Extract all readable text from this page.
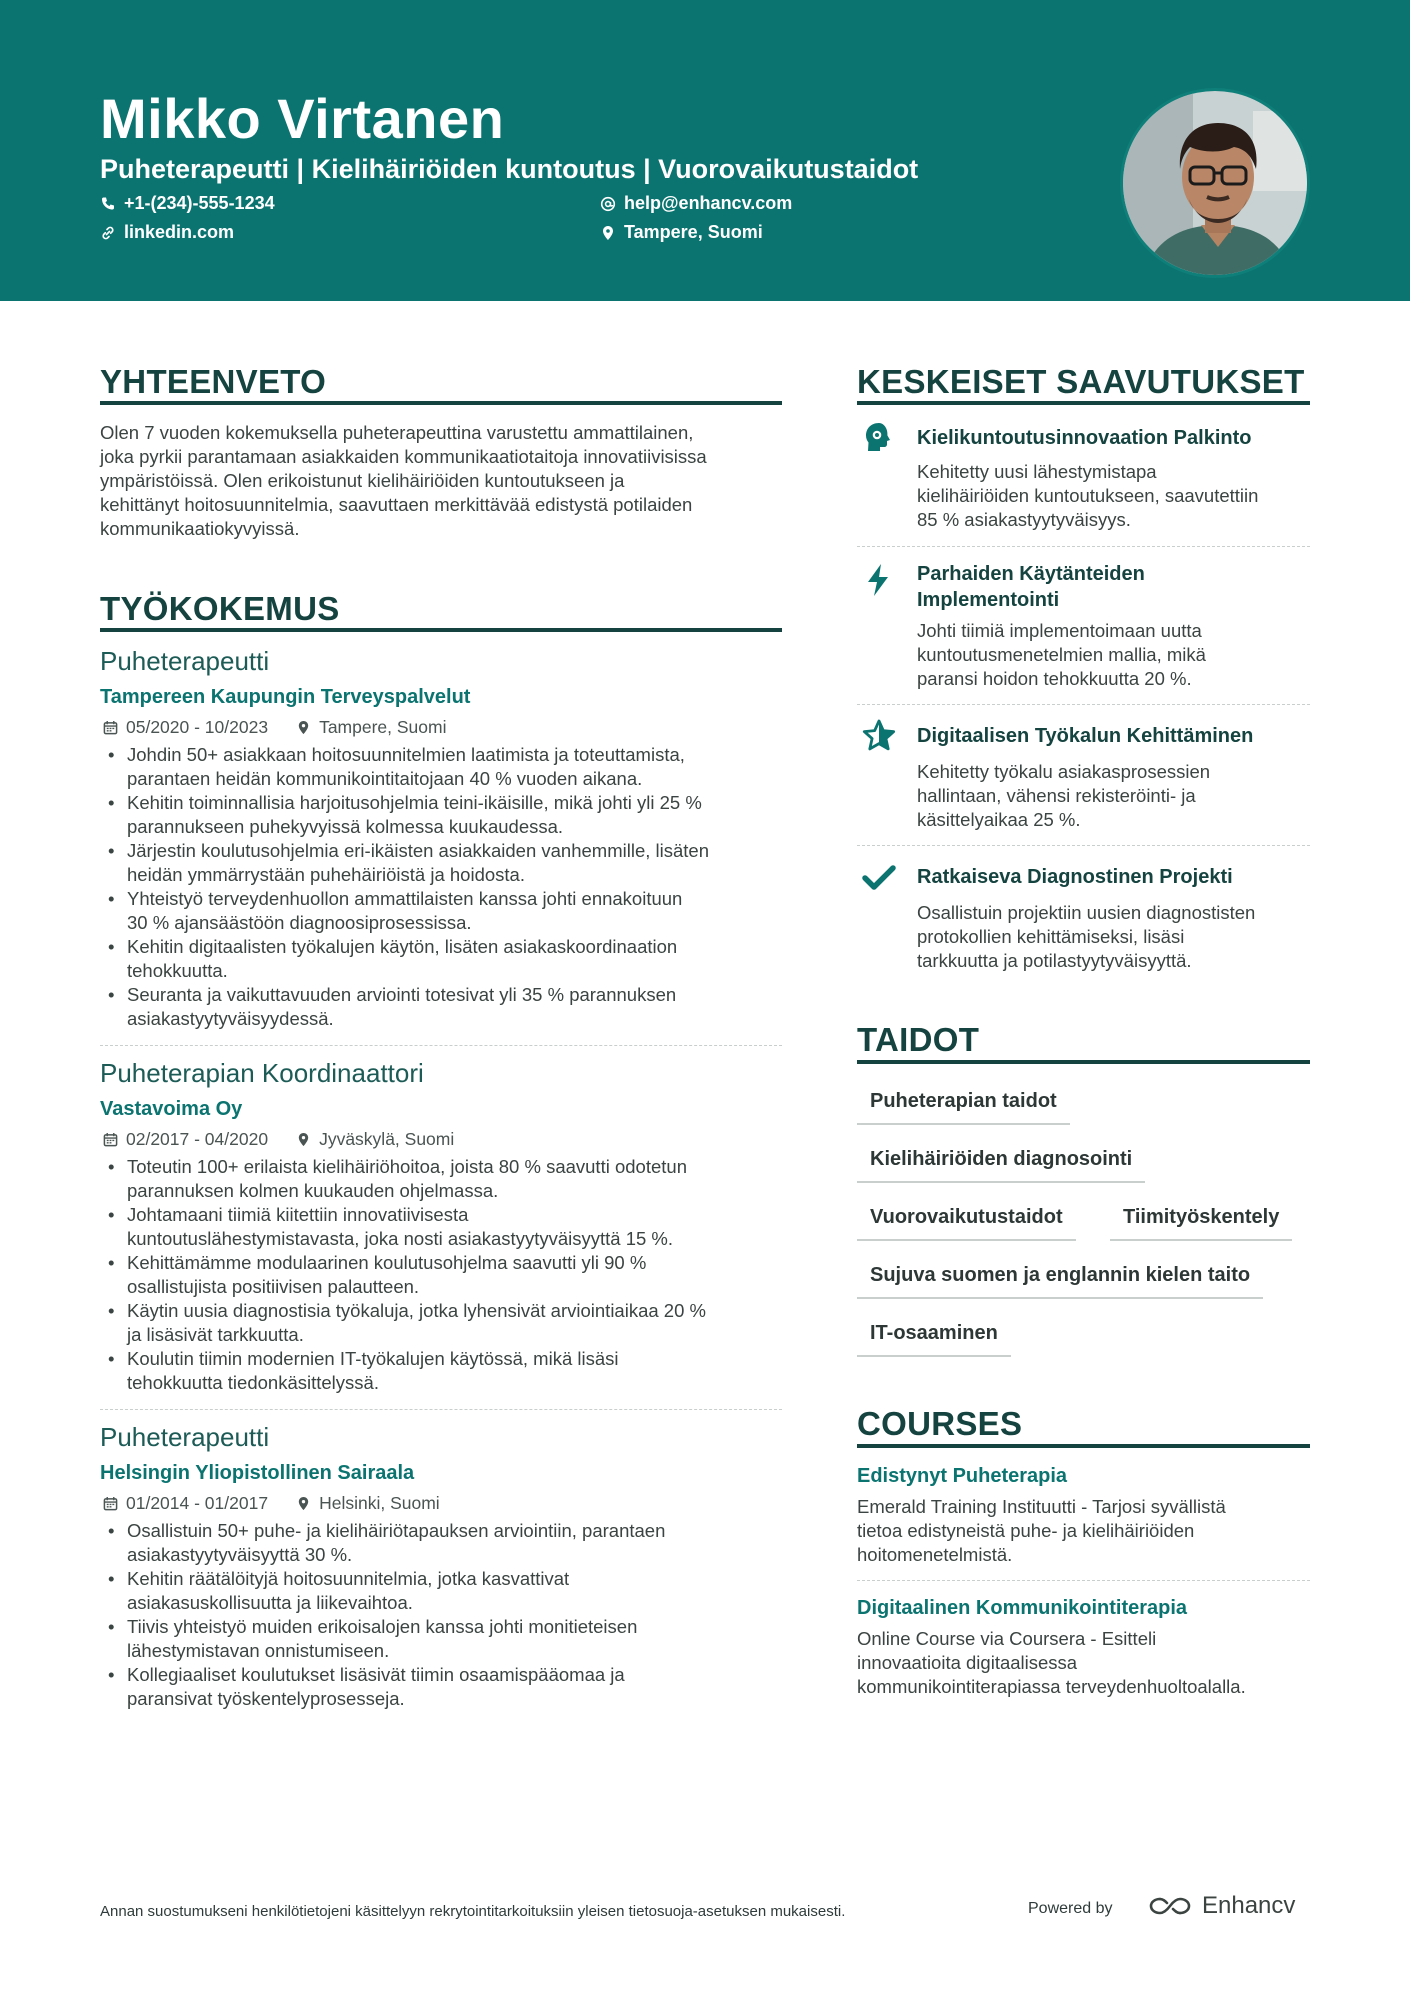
Mikko Virtanen
Puheterapeutti | Kielihäiriöiden kuntoutus | Vuorovaikutustaidot
+1-(234)-555-1234	help@enhancv.com
linkedin.com	Tampere, Suomi
YHTEENVETO
Olen 7 vuoden kokemuksella puheterapeuttina varustettu ammattilainen,
joka pyrkii parantamaan asiakkaiden kommunikaatiotaitoja innovatiivisissa
ympäristöissä. Olen erikoistunut kielihäiriöiden kuntoutukseen ja
kehittänyt hoitosuunnitelmia, saavuttaen merkittävää edistystä potilaiden
kommunikaatiokyvyissä.
TYÖKOKEMUS
Puheterapeutti
Tampereen Kaupungin Terveyspalvelut
05/2020 - 10/2023	Tampere, Suomi
• Johdin 50+ asiakkaan hoitosuunnitelmien laatimista ja toteuttamista,
parantaen heidän kommunikointitaitojaan 40 % vuoden aikana.
• Kehitin toiminnallisia harjoitusohjelmia teini-ikäisille, mikä johti yli 25 %
parannukseen puhekyvyissä kolmessa kuukaudessa.
• Järjestin koulutusohjelmia eri-ikäisten asiakkaiden vanhemmille, lisäten
heidän ymmärrystään puhehäiriöistä ja hoidosta.
• Yhteistyö terveydenhuollon ammattilaisten kanssa johti ennakoituun
30 % ajansäästöön diagnoosiprosessissa.
• Kehitin digitaalisten työkalujen käytön, lisäten asiakaskoordinaation
tehokkuutta.
• Seuranta ja vaikuttavuuden arviointi totesivat yli 35 % parannuksen
asiakastyytyväisyydessä.
Puheterapian Koordinaattori
Vastavoima Oy
02/2017 - 04/2020	Jyväskylä, Suomi
• Toteutin 100+ erilaista kielihäiriöhoitoa, joista 80 % saavutti odotetun
parannuksen kolmen kuukauden ohjelmassa.
• Johtamaani tiimiä kiitettiin innovatiivisesta
kuntoutuslähestymistavasta, joka nosti asiakastyytyväisyyttä 15 %.
• Kehittämämme modulaarinen koulutusohjelma saavutti yli 90 %
osallistujista positiivisen palautteen.
• Käytin uusia diagnostisia työkaluja, jotka lyhensivät arviointiaikaa 20 %
ja lisäsivät tarkkuutta.
• Koulutin tiimin modernien IT-työkalujen käytössä, mikä lisäsi
tehokkuutta tiedonkäsittelyssä.
Puheterapeutti
Helsingin Yliopistollinen Sairaala
01/2014 - 01/2017	Helsinki, Suomi
• Osallistuin 50+ puhe- ja kielihäiriötapauksen arviointiin, parantaen
asiakastyytyväisyyttä 30 %.
• Kehitin räätälöityjä hoitosuunnitelmia, jotka kasvattivat
asiakasuskollisuutta ja liikevaihtoa.
• Tiivis yhteistyö muiden erikoisalojen kanssa johti monitieteisen
lähestymistavan onnistumiseen.
• Kollegiaaliset koulutukset lisäsivät tiimin osaamispääomaa ja
paransivat työskentelyprosesseja.
KESKEISET SAAVUTUKSET
Kielikuntoutusinnovaation Palkinto
Kehitetty uusi lähestymistapa
kielihäiriöiden kuntoutukseen, saavutettiin
85 % asiakastyytyväisyys.
Parhaiden Käytänteiden
Implementointi
Johti tiimiä implementoimaan uutta
kuntoutusmenetelmien mallia, mikä
paransi hoidon tehokkuutta 20 %.
Digitaalisen Työkalun Kehittäminen
Kehitetty työkalu asiakasprosessien
hallintaan, vähensi rekisteröinti- ja
käsittelyaikaa 25 %.
Ratkaiseva Diagnostinen Projekti
Osallistuin projektiin uusien diagnostisten
protokollien kehittämiseksi, lisäsi
tarkkuutta ja potilastyytyväisyyttä.
TAIDOT
Puheterapian taidot
Kielihäiriöiden diagnosointi
Vuorovaikutustaidot	Tiimityöskentely
Sujuva suomen ja englannin kielen taito
IT-osaaminen
COURSES
Edistynyt Puheterapia
Emerald Training Instituutti - Tarjosi syvällistä
tietoa edistyneistä puhe- ja kielihäiriöiden
hoitomenetelmistä.
Digitaalinen Kommunikointiterapia
Online Course via Coursera - Esitteli
innovaatioita digitaalisessa
kommunikointiterapiassa terveydenhuoltoalalla.
Annan suostumukseni henkilötietojeni käsittelyyn rekrytointitarkoituksiin yleisen tietosuoja-asetuksen mukaisesti.	Powered by	Enhancv
